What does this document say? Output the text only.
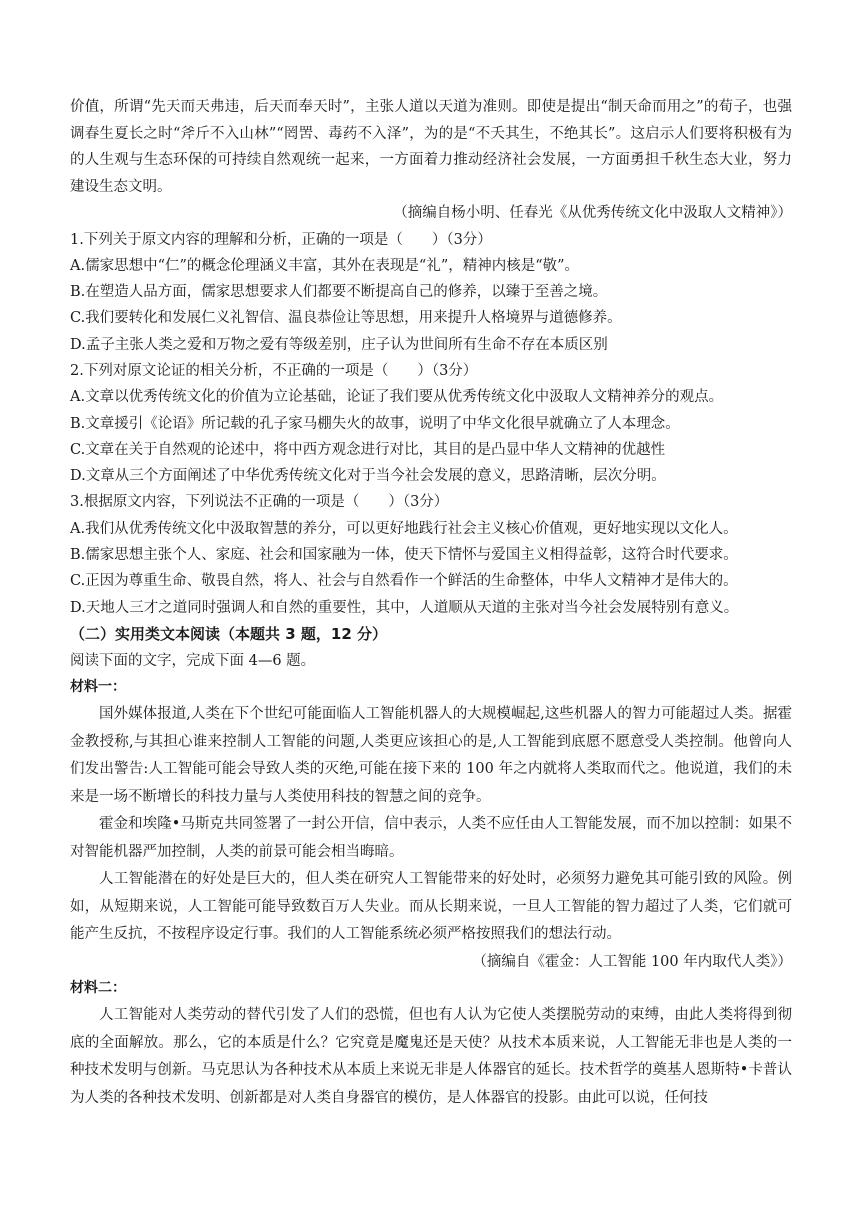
价值，所谓“先天而天弗违，后天而奉天时”，主张人道以天道为准则。即使是提出“制天命而用之”的荀子，也强调春生夏长之时“斧斤不入山林”“罔罟、毒药不入泽”，为的是“不夭其生，不绝其长”。这启示人们要将积极有为的人生观与生态环保的可持续自然观统一起来，一方面着力推动经济社会发展，一方面勇担千秋生态大业，努力建设生态文明。

（摘编自杨小明、任春光《从优秀传统文化中汲取人文精神》）

1.下列关于原文内容的理解和分析，正确的一项是（　　）（3分）

A.儒家思想中“仁”的概念伦理涵义丰富，其外在表现是“礼”，精神内核是“敬”。

B.在塑造人品方面，儒家思想要求人们都要不断提高自己的修养，以臻于至善之境。

C.我们要转化和发展仁义礼智信、温良恭俭让等思想，用来提升人格境界与道德修养。

D.孟子主张人类之爱和万物之爱有等级差别，庄子认为世间所有生命不存在本质区别

2.下列对原文论证的相关分析，不正确的一项是（　　）（3分）

A.文章以优秀传统文化的价值为立论基础，论证了我们要从优秀传统文化中汲取人文精神养分的观点。

B.文章援引《论语》所记载的孔子家马棚失火的故事，说明了中华文化很早就确立了人本理念。

C.文章在关于自然观的论述中，将中西方观念进行对比，其目的是凸显中华人文精神的优越性

D.文章从三个方面阐述了中华优秀传统文化对于当今社会发展的意义，思路清晰，层次分明。

3.根据原文内容，下列说法不正确的一项是（　　）（3分）

A.我们从优秀传统文化中汲取智慧的养分，可以更好地践行社会主义核心价值观，更好地实现以文化人。

B.儒家思想主张个人、家庭、社会和国家融为一体，使天下情怀与爱国主义相得益彰，这符合时代要求。

C.正因为尊重生命、敬畏自然，将人、社会与自然看作一个鲜活的生命整体，中华人文精神才是伟大的。

D.天地人三才之道同时强调人和自然的重要性，其中，人道顺从天道的主张对当今社会发展特别有意义。

（二）实用类文本阅读（本题共 3 题，12 分）

阅读下面的文字，完成下面 4—6 题。

材料一：

国外媒体报道,人类在下个世纪可能面临人工智能机器人的大规模崛起,这些机器人的智力可能超过人类。据霍金教授称,与其担心谁来控制人工智能的问题,人类更应该担心的是,人工智能到底愿不愿意受人类控制。他曾向人们发出警告:人工智能可能会导致人类的灭绝,可能在接下来的 100 年之内就将人类取而代之。他说道，我们的未来是一场不断增长的科技力量与人类使用科技的智慧之间的竞争。

霍金和埃隆•马斯克共同签署了一封公开信，信中表示，人类不应任由人工智能发展，而不加以控制：如果不对智能机器严加控制，人类的前景可能会相当晦暗。

人工智能潜在的好处是巨大的，但人类在研究人工智能带来的好处时，必须努力避免其可能引致的风险。例如，从短期来说，人工智能可能导致数百万人失业。而从长期来说，一旦人工智能的智力超过了人类，它们就可能产生反抗，不按程序设定行事。我们的人工智能系统必须严格按照我们的想法行动。

（摘编自《霍金：人工智能 100 年内取代人类》）

材料二：

人工智能对人类劳动的替代引发了人们的恐慌，但也有人认为它使人类摆脱劳动的束缚，由此人类将得到彻底的全面解放。那么，它的本质是什么？它究竟是魔鬼还是天使？从技术本质来说，人工智能无非也是人类的一种技术发明与创新。马克思认为各种技术从本质上来说无非是人体器官的延长。技术哲学的奠基人恩斯特•卡普认为人类的各种技术发明、创新都是对人类自身器官的模仿，是人体器官的投影。由此可以说，任何技
